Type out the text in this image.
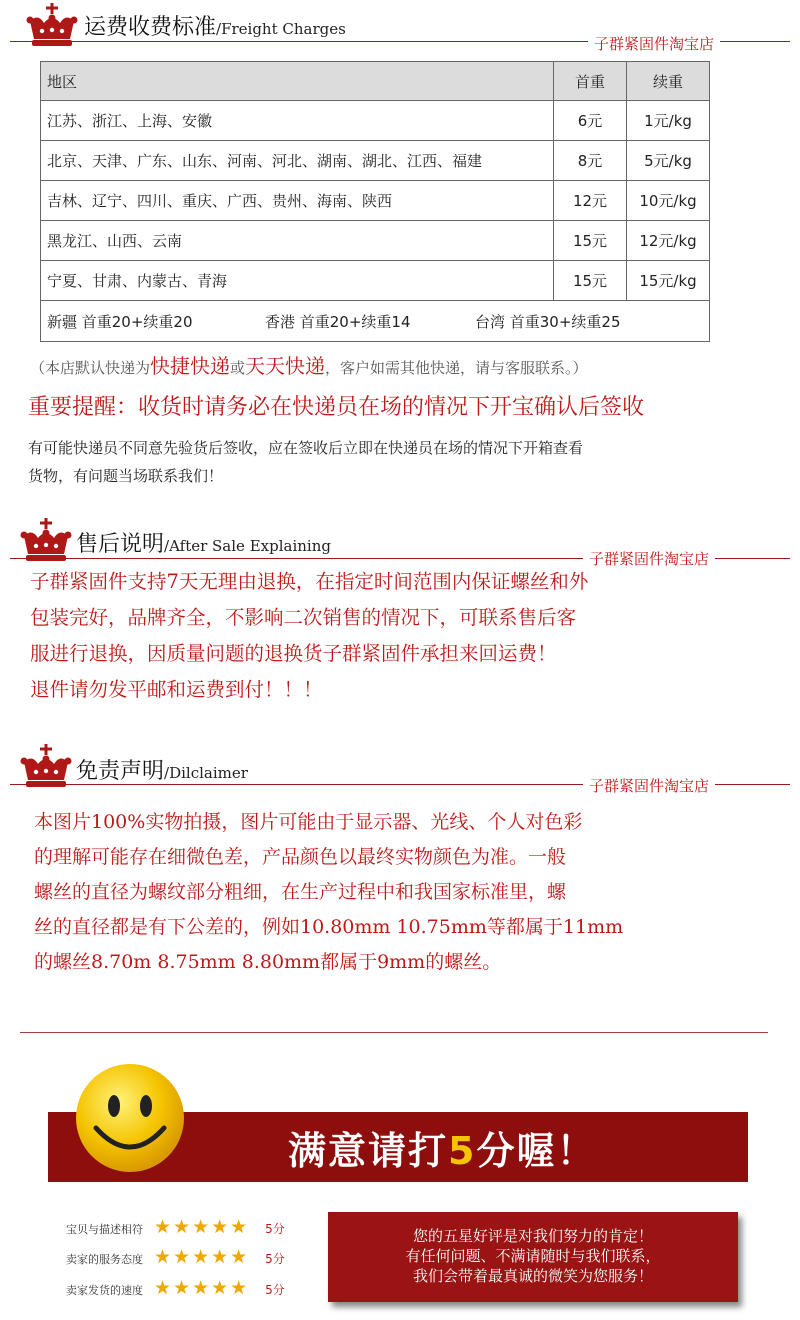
运费收费标准/Freight Charges
子群紧固件淘宝店
地区	首重	续重
江苏、浙江、上海、安徽	6元	1元/kg
北京、天津、广东、山东、河南、河北、湖南、湖北、江西、福建	8元	5元/kg
吉林、辽宁、四川、重庆、广西、贵州、海南、陕西	12元	10元/kg
黑龙江、山西、云南	15元	12元/kg
宁夏、甘肃、内蒙古、青海	15元	15元/kg
新疆 首重20+续重20 香港 首重20+续重14 台湾 首重30+续重25		
（本店默认快递为快捷快递或天天快递，客户如需其他快递，请与客服联系。）
重要提醒：收货时请务必在快递员在场的情况下开宝确认后签收
有可能快递员不同意先验货后签收，应在签收后立即在快递员在场的情况下开箱查看
货物，有问题当场联系我们！
售后说明/After Sale Explaining
子群紧固件淘宝店
子群紧固件支持7天无理由退换，在指定时间范围内保证螺丝和外
包装完好，品牌齐全，不影响二次销售的情况下，可联系售后客
服进行退换，因质量问题的退换货子群紧固件承担来回运费！
退件请勿发平邮和运费到付！！！
免责声明/Dilclaimer
子群紧固件淘宝店
本图片100%实物拍摄，图片可能由于显示器、光线、个人对色彩
的理解可能存在细微色差，产品颜色以最终实物颜色为准。一般
螺丝的直径为螺纹部分粗细，在生产过程中和我国家标准里，螺
丝的直径都是有下公差的，例如10.80mm 10.75mm等都属于11mm
的螺丝8.70m 8.75mm 8.80mm都属于9mm的螺丝。
满意请打5分喔！
宝贝与描述相符 ★★★★★ 5分
卖家的服务态度 ★★★★★ 5分
卖家发货的速度 ★★★★★ 5分
您的五星好评是对我们努力的肯定！
有任何问题、不满请随时与我们联系，
我们会带着最真诚的微笑为您服务！
